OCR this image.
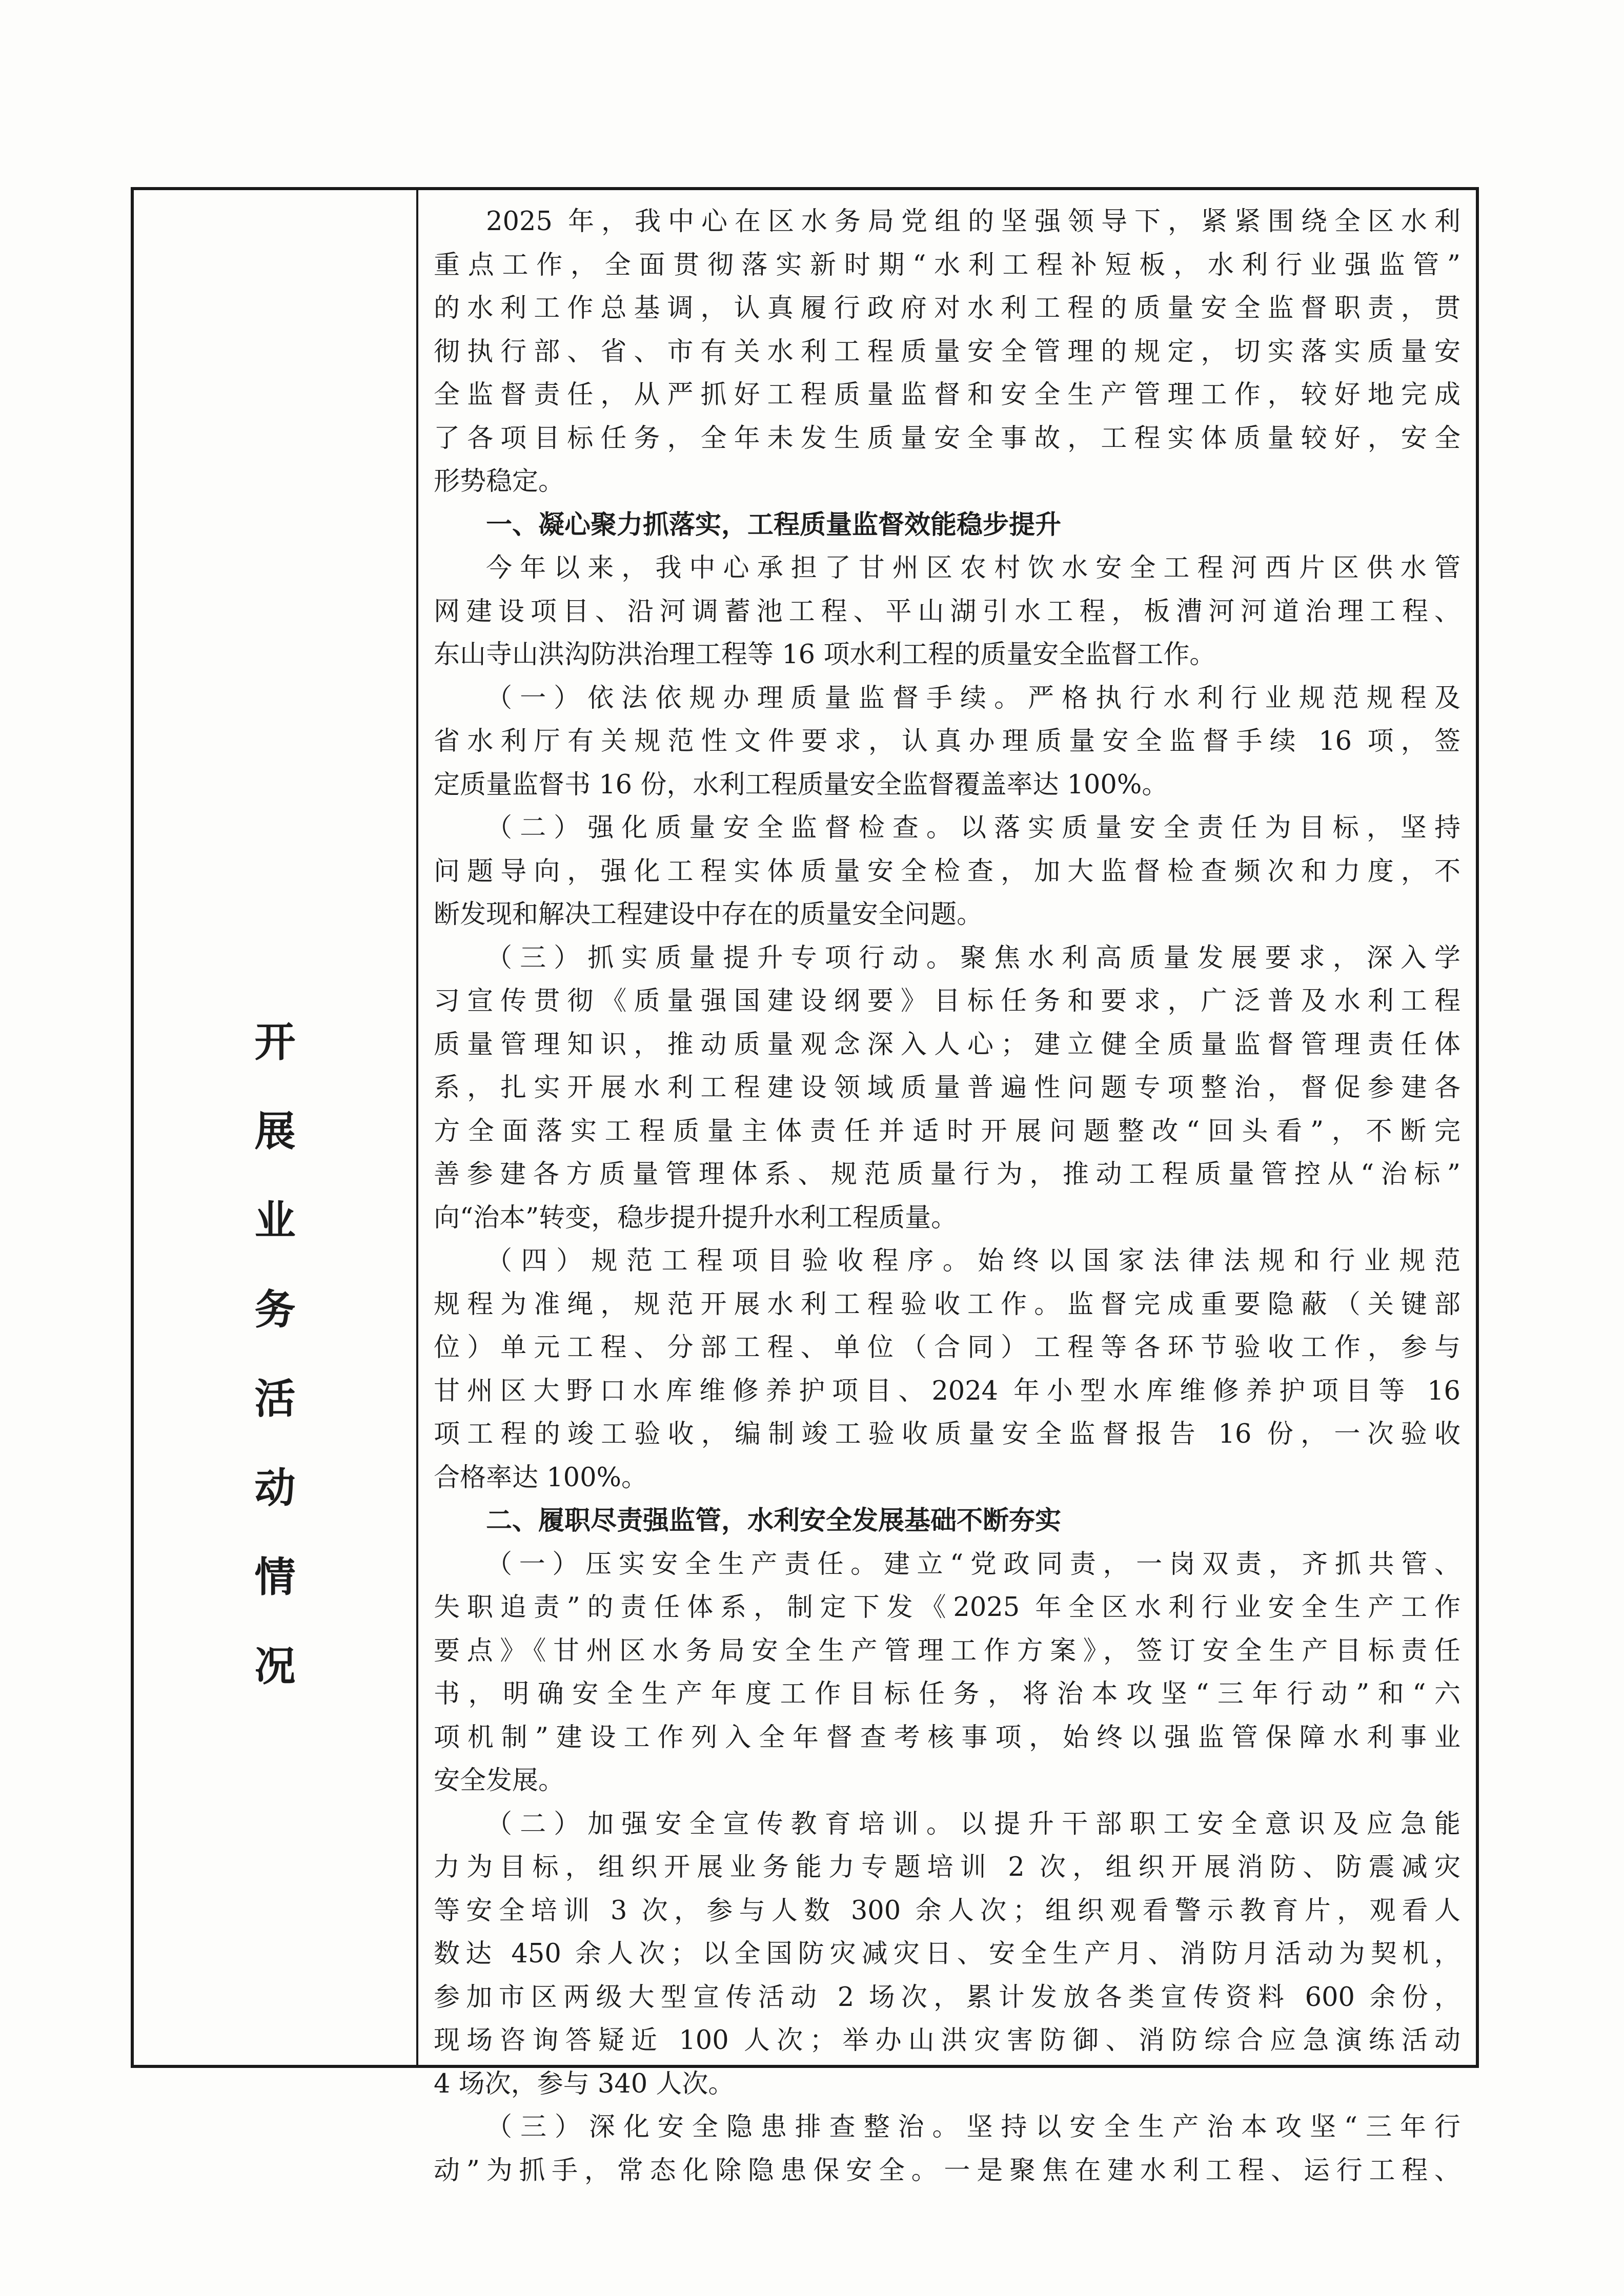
开
展
业
务
活
动
情
况

2025 年，我中心在区水务局党组的坚强领导下，紧紧围绕全区水利

重点工作，全面贯彻落实新时期“水利工程补短板，水利行业强监管”

的水利工作总基调，认真履行政府对水利工程的质量安全监督职责，贯

彻执行部、省、市有关水利工程质量安全管理的规定，切实落实质量安

全监督责任，从严抓好工程质量监督和安全生产管理工作，较好地完成

了各项目标任务，全年未发生质量安全事故，工程实体质量较好，安全

形势稳定。

一、凝心聚力抓落实，工程质量监督效能稳步提升

今年以来，我中心承担了甘州区农村饮水安全工程河西片区供水管

网建设项目、沿河调蓄池工程、平山湖引水工程，板漕河河道治理工程、

东山寺山洪沟防洪治理工程等 16 项水利工程的质量安全监督工作。

（一）依法依规办理质量监督手续。严格执行水利行业规范规程及

省水利厅有关规范性文件要求，认真办理质量安全监督手续 16 项，签

定质量监督书 16 份，水利工程质量安全监督覆盖率达 100%。

（二）强化质量安全监督检查。以落实质量安全责任为目标，坚持

问题导向，强化工程实体质量安全检查，加大监督检查频次和力度，不

断发现和解决工程建设中存在的质量安全问题。

（三）抓实质量提升专项行动。聚焦水利高质量发展要求，深入学

习宣传贯彻《质量强国建设纲要》目标任务和要求，广泛普及水利工程

质量管理知识，推动质量观念深入人心；建立健全质量监督管理责任体

系，扎实开展水利工程建设领域质量普遍性问题专项整治，督促参建各

方全面落实工程质量主体责任并适时开展问题整改“回头看”，不断完

善参建各方质量管理体系、规范质量行为，推动工程质量管控从“治标”

向“治本”转变，稳步提升提升水利工程质量。

（四）规范工程项目验收程序。始终以国家法律法规和行业规范

规程为准绳，规范开展水利工程验收工作。监督完成重要隐蔽（关键部

位）单元工程、分部工程、单位（合同）工程等各环节验收工作，参与

甘州区大野口水库维修养护项目、2024 年小型水库维修养护项目等 16

项工程的竣工验收，编制竣工验收质量安全监督报告 16 份，一次验收

合格率达 100%。

二、履职尽责强监管，水利安全发展基础不断夯实

（一）压实安全生产责任。建立“党政同责，一岗双责，齐抓共管、

失职追责”的责任体系，制定下发《2025 年全区水利行业安全生产工作

要点》《甘州区水务局安全生产管理工作方案》，签订安全生产目标责任

书，明确安全生产年度工作目标任务，将治本攻坚“三年行动”和“六

项机制”建设工作列入全年督查考核事项，始终以强监管保障水利事业

安全发展。

（二）加强安全宣传教育培训。以提升干部职工安全意识及应急能

力为目标，组织开展业务能力专题培训 2 次，组织开展消防、防震减灾

等安全培训 3 次，参与人数 300 余人次；组织观看警示教育片，观看人

数达 450 余人次；以全国防灾减灾日、安全生产月、消防月活动为契机，

参加市区两级大型宣传活动 2 场次，累计发放各类宣传资料 600 余份，

现场咨询答疑近 100 人次；举办山洪灾害防御、消防综合应急演练活动

4 场次，参与 340 人次。

（三）深化安全隐患排查整治。坚持以安全生产治本攻坚“三年行

动”为抓手，常态化除隐患保安全。一是聚焦在建水利工程、运行工程、
